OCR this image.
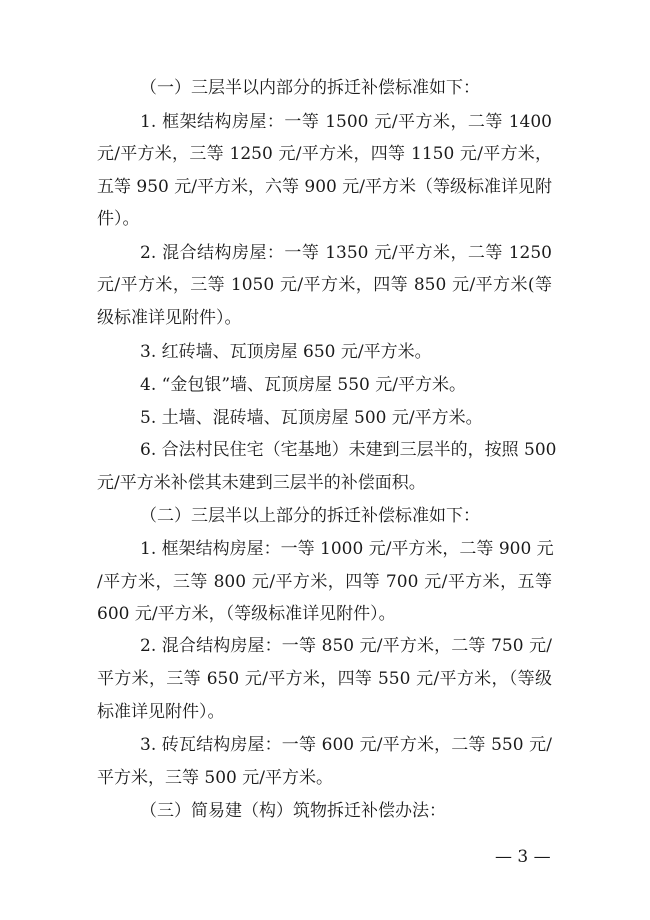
（一）三层半以内部分的拆迁补偿标准如下：
1. 框架结构房屋：一等 1500 元/平方米，二等 1400
元/平方米，三等 1250 元/平方米，四等 1150 元/平方米，
五等 950 元/平方米，六等 900 元/平方米（等级标准详见附
件）。
2. 混合结构房屋：一等 1350 元/平方米，二等 1250
元/平方米，三等 1050 元/平方米，四等 850 元/平方米(等
级标准详见附件）。
3. 红砖墙、瓦顶房屋 650 元/平方米。
4. “金包银”墙、瓦顶房屋 550 元/平方米。
5. 土墙、混砖墙、瓦顶房屋 500 元/平方米。
6. 合法村民住宅（宅基地）未建到三层半的，按照 500
元/平方米补偿其未建到三层半的补偿面积。
（二）三层半以上部分的拆迁补偿标准如下：
1. 框架结构房屋：一等 1000 元/平方米，二等 900 元
/平方米，三等 800 元/平方米，四等 700 元/平方米，五等
600 元/平方米，（等级标准详见附件）。
2. 混合结构房屋：一等 850 元/平方米，二等 750 元/
平方米，三等 650 元/平方米，四等 550 元/平方米，（等级
标准详见附件）。
3. 砖瓦结构房屋：一等 600 元/平方米，二等 550 元/
平方米，三等 500 元/平方米。
（三）简易建（构）筑物拆迁补偿办法：
— 3 —
